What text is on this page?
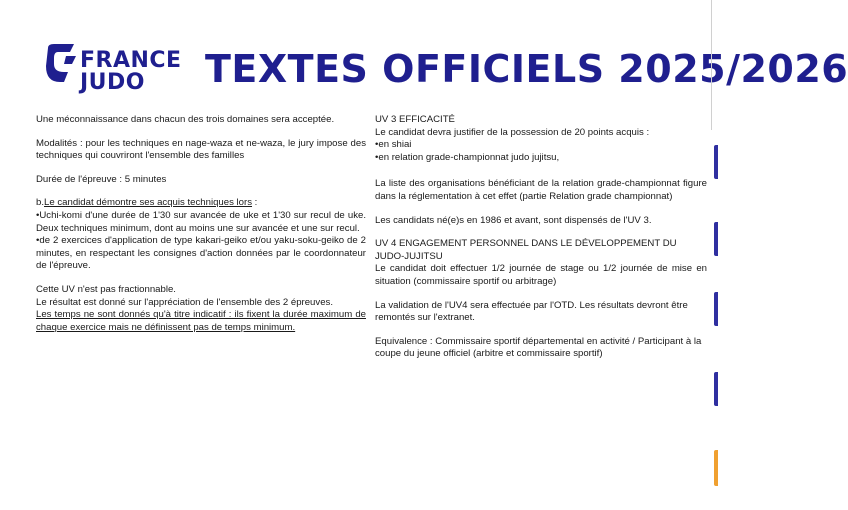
FRANCE
JUDO TEXTES OFFICIELS 2025/2026

Une méconnaissance dans chacun des trois domaines sera acceptée.

Modalités : pour les techniques en nage-waza et ne-waza, le jury impose des techniques qui couvriront l'ensemble des familles

Durée de l'épreuve : 5 minutes

b.Le candidat démontre ses acquis techniques lors :

•Uchi-komi d'une durée de 1'30 sur avancée de uke et 1'30 sur recul de uke. Deux techniques minimum, dont au moins une sur avancée et une sur recul.

•de 2 exercices d'application de type kakari-geiko et/ou yaku-soku-geiko de 2 minutes, en respectant les consignes d'action données par le coordonnateur de l'épreuve.

Cette UV n'est pas fractionnable.

Le résultat est donné sur l'appréciation de l'ensemble des 2 épreuves.

Les temps ne sont donnés qu'à titre indicatif : ils fixent la durée maximum de chaque exercice mais ne définissent pas de temps minimum.

UV 3 EFFICACITÉ

Le candidat devra justifier de la possession de 20 points acquis :

•en shiai

•en relation grade-championnat judo jujitsu,

La liste des organisations bénéficiant de la relation grade-championnat figure dans la réglementation à cet effet (partie Relation grade championnat)

Les candidats né(e)s en 1986 et avant, sont dispensés de l'UV 3.

UV 4 ENGAGEMENT PERSONNEL DANS LE DÉVELOPPEMENT DU JUDO-JUJITSU

Le candidat doit effectuer 1/2 journée de stage ou 1/2 journée de mise en situation (commissaire sportif ou arbitrage)

La validation de l'UV4 sera effectuée par l'OTD. Les résultats devront être remontés sur l'extranet.

Equivalence : Commissaire sportif départemental en activité / Participant à la coupe du jeune officiel (arbitre et commissaire sportif)
